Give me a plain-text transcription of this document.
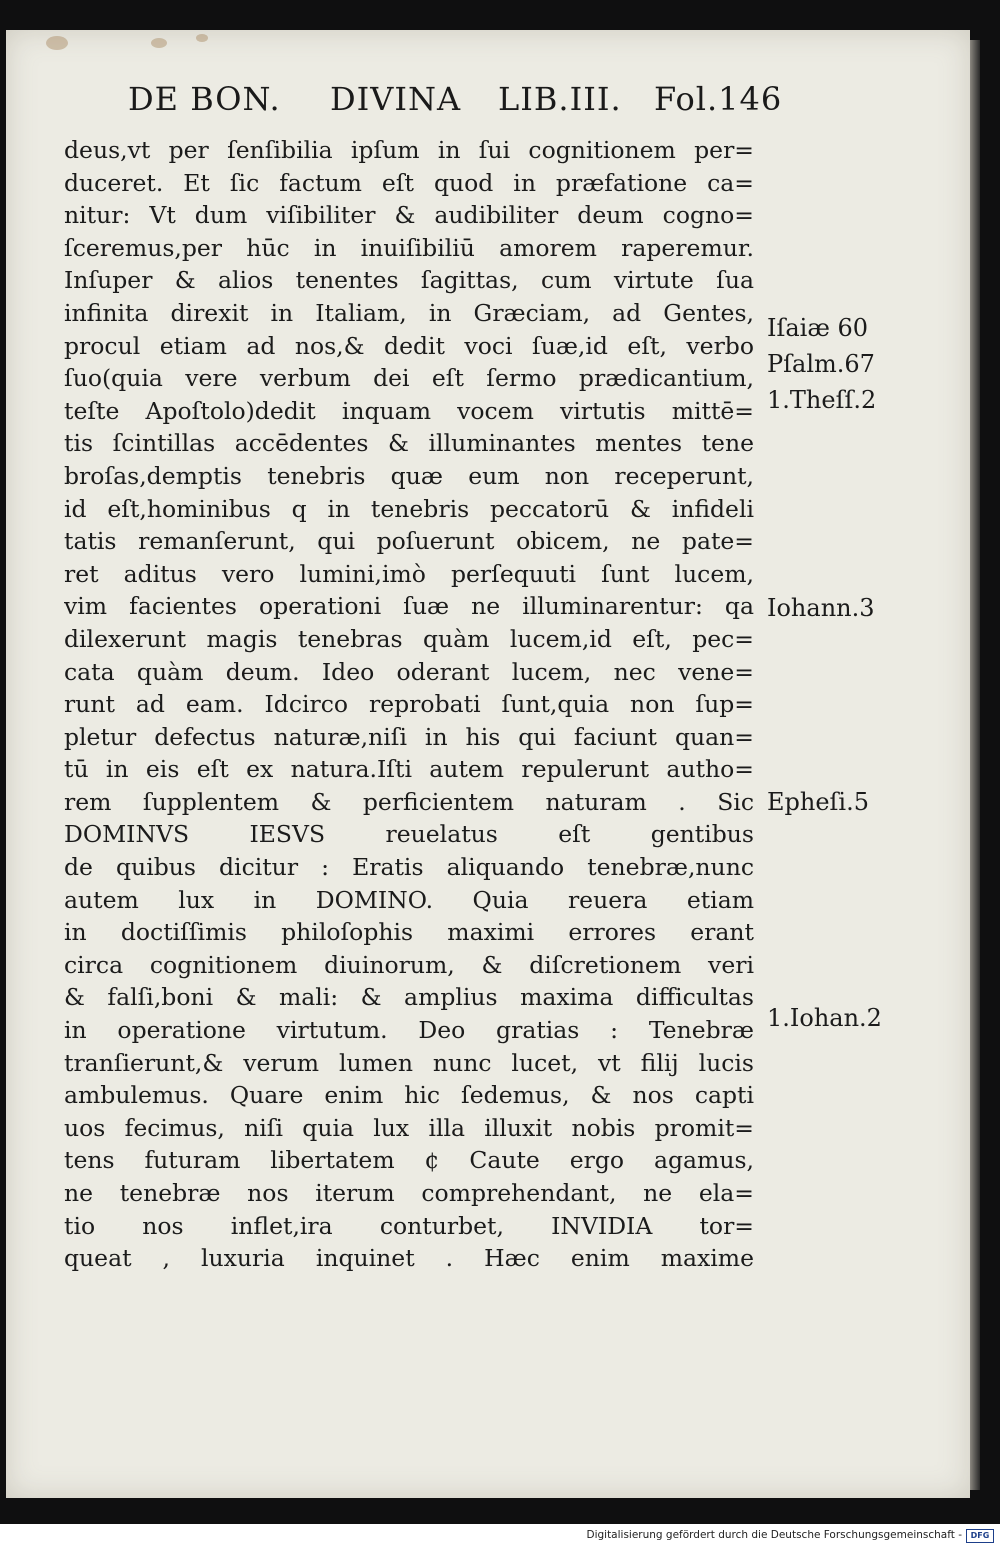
DE BON. DIVINA LIB.III. Fol.146
deus,vt per ſenſibilia ipſum in ſui cognitionem per=
duceret. Et ſic factum eſt quod in præfatione ca=
nitur: Vt dum viſibiliter & audibiliter deum cogno=
ſceremus,per hūc in inuiſibiliū amorem raperemur.
Inſuper & alios tenentes ſagittas, cum virtute ſua
infinita direxit in Italiam, in Græciam, ad Gentes,
procul etiam ad nos,& dedit voci ſuæ,id eſt, verbo
ſuo(quia vere verbum dei eſt ſermo prædicantium,
teſte Apoſtolo)dedit inquam vocem virtutis mittē=
tis ſcintillas accēdentes & illuminantes mentes tene
broſas,demptis tenebris quæ eum non receperunt,
id eſt,hominibus q in tenebris peccatorū & infideli
tatis remanſerunt, qui poſuerunt obicem, ne pate=
ret aditus vero lumini,imò perſequuti ſunt lucem,
vim facientes operationi ſuæ ne illuminarentur: qa
dilexerunt magis tenebras quàm lucem,id eſt, pec=
cata quàm deum. Ideo oderant lucem, nec vene=
runt ad eam. Idcirco reprobati ſunt,quia non ſup=
pletur defectus naturæ,niſi in his qui faciunt quan=
tū in eis eſt ex natura.Iſti autem repulerunt autho=
rem ſupplentem & perficientem naturam . Sic
DOMINVS IESVS reuelatus eſt gentibus
de quibus dicitur : Eratis aliquando tenebræ,nunc
autem lux in DOMINO. Quia reuera etiam
in doctiſſimis philoſophis maximi errores erant
circa cognitionem diuinorum, & diſcretionem veri
& falſi,boni & mali: & amplius maxima difficultas
in operatione virtutum. Deo gratias : Tenebræ
tranſierunt,& verum lumen nunc lucet, vt filij lucis
ambulemus. Quare enim hic ſedemus, & nos capti
uos fecimus, niſi quia lux illa illuxit nobis promit=
tens futuram libertatem ¢ Caute ergo agamus,
ne tenebræ nos iterum comprehendant, ne ela=
tio nos inflet,ira conturbet, INVIDIA tor=
queat , luxuria inquinet . Hæc enim maxime
Iſaiæ 60
Pſalm.67
1.Theſſ.2
Iohann.3
Epheſi.5
1.Iohan.2
Digitalisierung gefördert durch die Deutsche Forschungsgemeinschaft -	DFG
